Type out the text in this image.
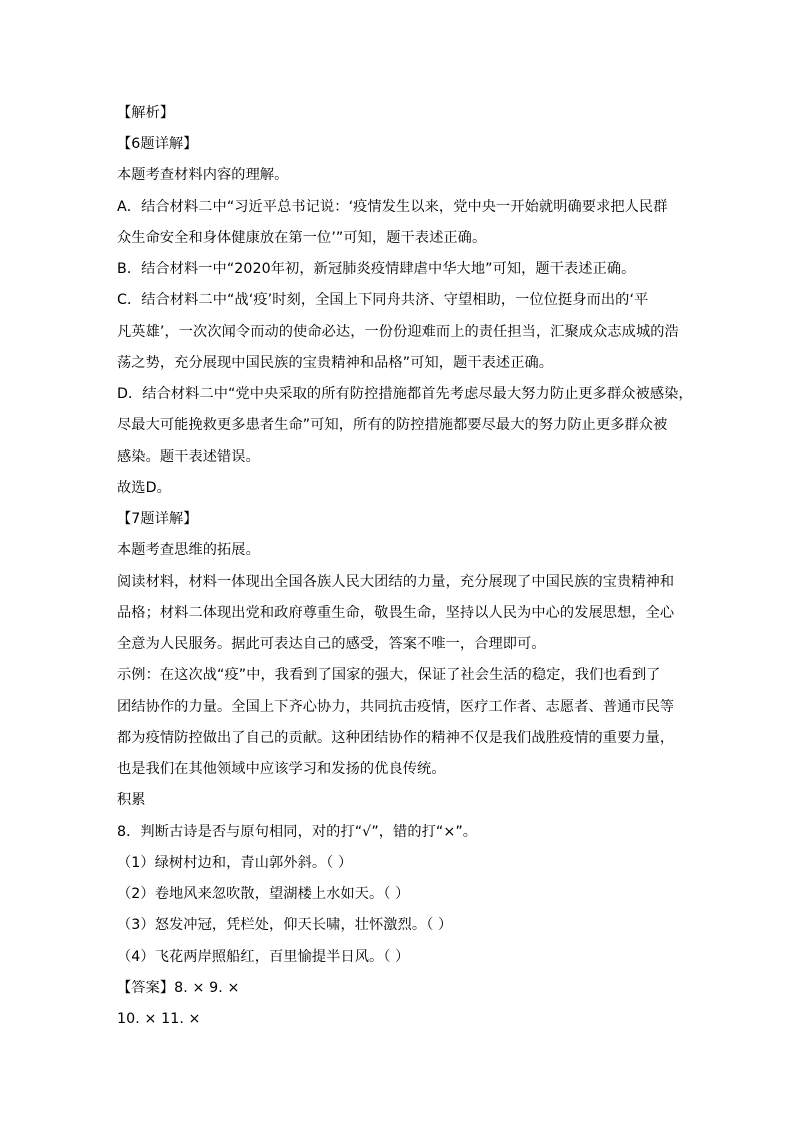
【解析】
【6题详解】
本题考查材料内容的理解。
A．结合材料二中“习近平总书记说：‘疫情发生以来，党中央一开始就明确要求把人民群
众生命安全和身体健康放在第一位’”可知，题干表述正确。
B．结合材料一中“2020年初，新冠肺炎疫情肆虐中华大地”可知，题干表述正确。
C．结合材料二中“战‘疫’时刻，全国上下同舟共济、守望相助，一位位挺身而出的‘平
凡英雄’，一次次闻令而动的使命必达，一份份迎难而上的责任担当，汇聚成众志成城的浩
荡之势，充分展现中国民族的宝贵精神和品格”可知，题干表述正确。
D．结合材料二中“党中央采取的所有防控措施都首先考虑尽最大努力防止更多群众被感染，
尽最大可能挽救更多患者生命”可知，所有的防控措施都要尽最大的努力防止更多群众被
感染。题干表述错误。
故选D。
【7题详解】
本题考查思维的拓展。
阅读材料，材料一体现出全国各族人民大团结的力量，充分展现了中国民族的宝贵精神和
品格；材料二体现出党和政府尊重生命，敬畏生命，坚持以人民为中心的发展思想，全心
全意为人民服务。据此可表达自己的感受，答案不唯一，合理即可。
示例：在这次战“疫”中，我看到了国家的强大，保证了社会生活的稳定，我们也看到了
团结协作的力量。全国上下齐心协力，共同抗击疫情，医疗工作者、志愿者、普通市民等
都为疫情防控做出了自己的贡献。这种团结协作的精神不仅是我们战胜疫情的重要力量，
也是我们在其他领域中应该学习和发扬的优良传统。
积累
8．判断古诗是否与原句相同，对的打“√”，错的打“×”。
（1）绿树村边和，青山郭外斜。（ ）
（2）卷地风来忽吹散，望湖楼上水如天。（ ）
（3）怒发冲冠，凭栏处，仰天长啸，壮怀激烈。（ ）
（4）飞花两岸照船红，百里愉提半日风。（ ）
【答案】8. × 9. ×
10. × 11. ×
